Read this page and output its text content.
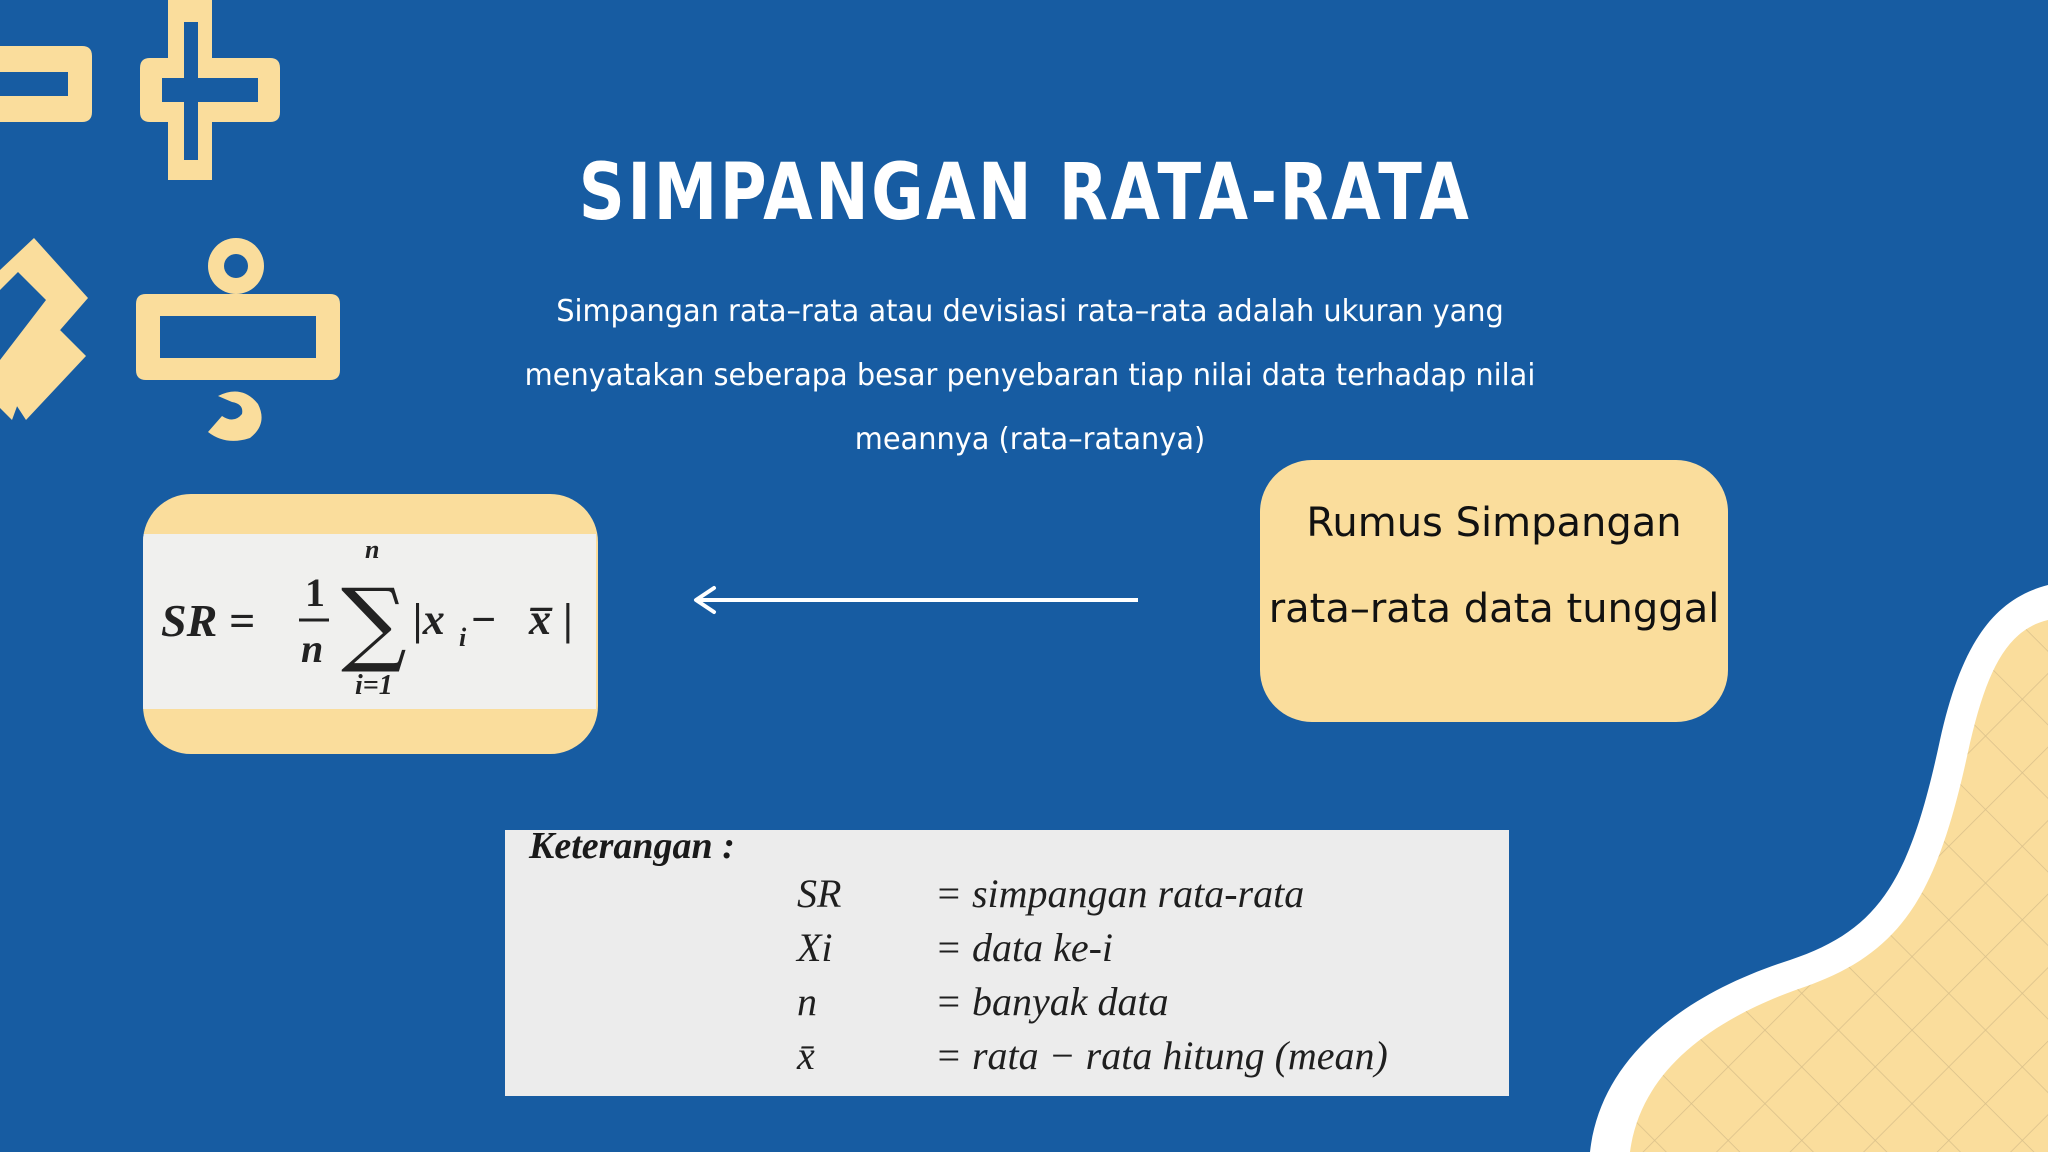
SIMPANGAN RATA-RATA
Simpangan rata–rata atau devisiasi rata–rata adalah ukuran yang menyatakan seberapa besar penyebaran tiap nilai data terhadap nilai meannya (rata–ratanya)
SR =
1
n
n
∑
i=1
|x i − x̅ |
Rumus Simpangan rata–rata data tunggal
Keterangan :
SR = simpangan rata-rata
Xi	= data ke-i
n	= banyak data
x̄	= rata − rata hitung (mean)
